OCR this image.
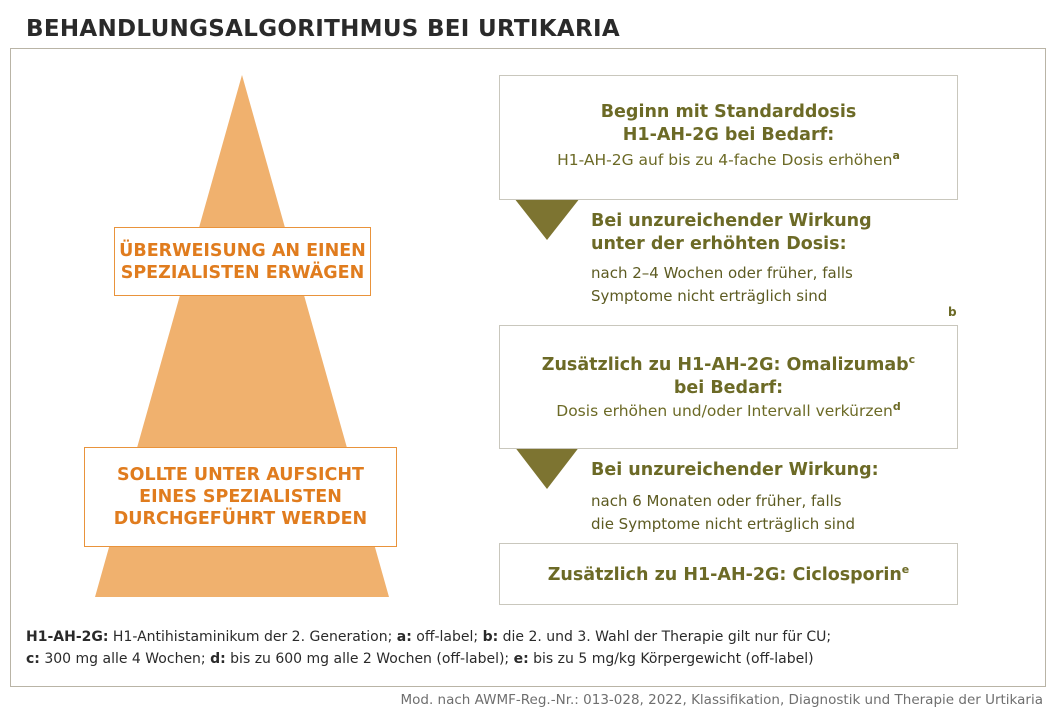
BEHANDLUNGSALGORITHMUS BEI URTIKARIA
ÜBERWEISUNG AN EINEN
SPEZIALISTEN ERWÄGEN
SOLLTE UNTER AUFSICHT
EINES SPEZIALISTEN
DURCHGEFÜHRT WERDEN
Beginn mit Standarddosis
H1-AH-2G bei Bedarf:
H1-AH-2G auf bis zu 4-fache Dosis erhöhen$^a$
Bei unzureichender Wirkung
unter der erhöhten Dosis:
nach 2–4 Wochen oder früher, falls
Symptome nicht erträglich sind
b
Zusätzlich zu H1-AH-2G: Omalizumab$^c$
bei Bedarf:
Dosis erhöhen und/oder Intervall verkürzen$^d$
Bei unzureichender Wirkung:
nach 6 Monaten oder früher, falls
die Symptome nicht erträglich sind
Zusätzlich zu H1-AH-2G: Ciclosporin$^e$
H1-AH-2G: H1-Antihistaminikum der 2. Generation; a: off-label; b: die 2. und 3. Wahl der Therapie gilt nur für CU;
c: 300 mg alle 4 Wochen; d: bis zu 600 mg alle 2 Wochen (off-label); e: bis zu 5 mg/kg Körpergewicht (off-label)
Mod. nach AWMF-Reg.-Nr.: 013-028, 2022, Klassifikation, Diagnostik und Therapie der Urtikaria
